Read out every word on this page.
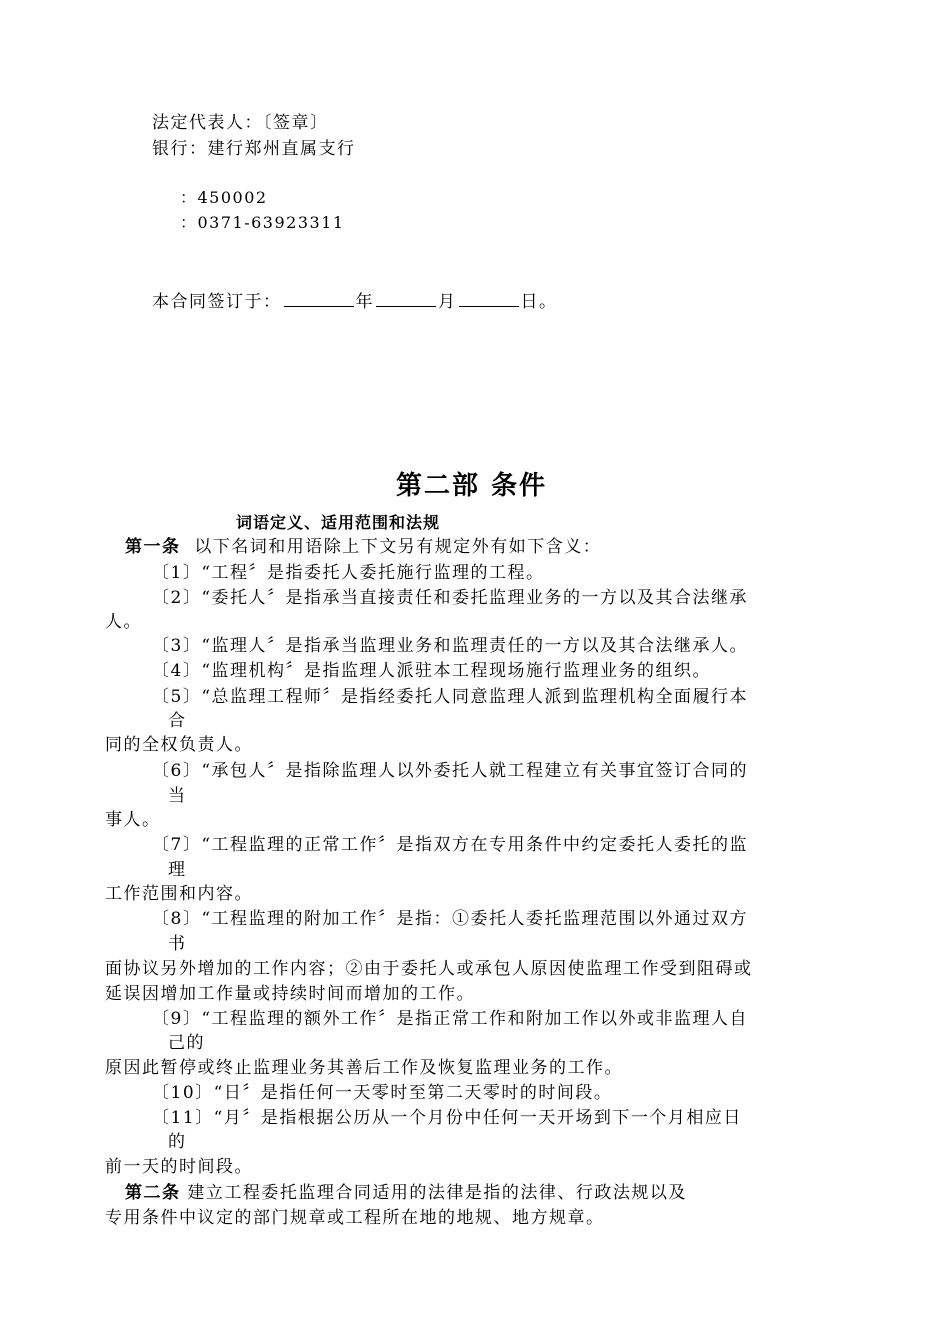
法定代表人：〔签章〕
银行：建行郑州直属支行
：450002
：0371-63923311
本合同签订于：	年	月	日。
第二部 条件
词语定义、适用范围和法规
第一条 以下名词和用语除上下文另有规定外有如下含义：
〔1〕“工程〞是指委托人委托施行监理的工程。
〔2〕“委托人〞是指承当直接责任和委托监理业务的一方以及其合法继承
人。
〔3〕“监理人〞是指承当监理业务和监理责任的一方以及其合法继承人。
〔4〕“监理机构〞是指监理人派驻本工程现场施行监理业务的组织。
〔5〕“总监理工程师〞是指经委托人同意监理人派到监理机构全面履行本
合
同的全权负责人。
〔6〕“承包人〞是指除监理人以外委托人就工程建立有关事宜签订合同的
当
事人。
〔7〕“工程监理的正常工作〞是指双方在专用条件中约定委托人委托的监
理
工作范围和内容。
〔8〕“工程监理的附加工作〞是指：①委托人委托监理范围以外通过双方
书
面协议另外增加的工作内容；②由于委托人或承包人原因使监理工作受到阻碍或
延误因增加工作量或持续时间而增加的工作。
〔9〕“工程监理的额外工作〞是指正常工作和附加工作以外或非监理人自
己的
原因此暂停或终止监理业务其善后工作及恢复监理业务的工作。
〔10〕“日〞是指任何一天零时至第二天零时的时间段。
〔11〕“月〞是指根据公历从一个月份中任何一天开场到下一个月相应日
的
前一天的时间段。
第二条 建立工程委托监理合同适用的法律是指的法律、行政法规以及
专用条件中议定的部门规章或工程所在地的地规、地方规章。
